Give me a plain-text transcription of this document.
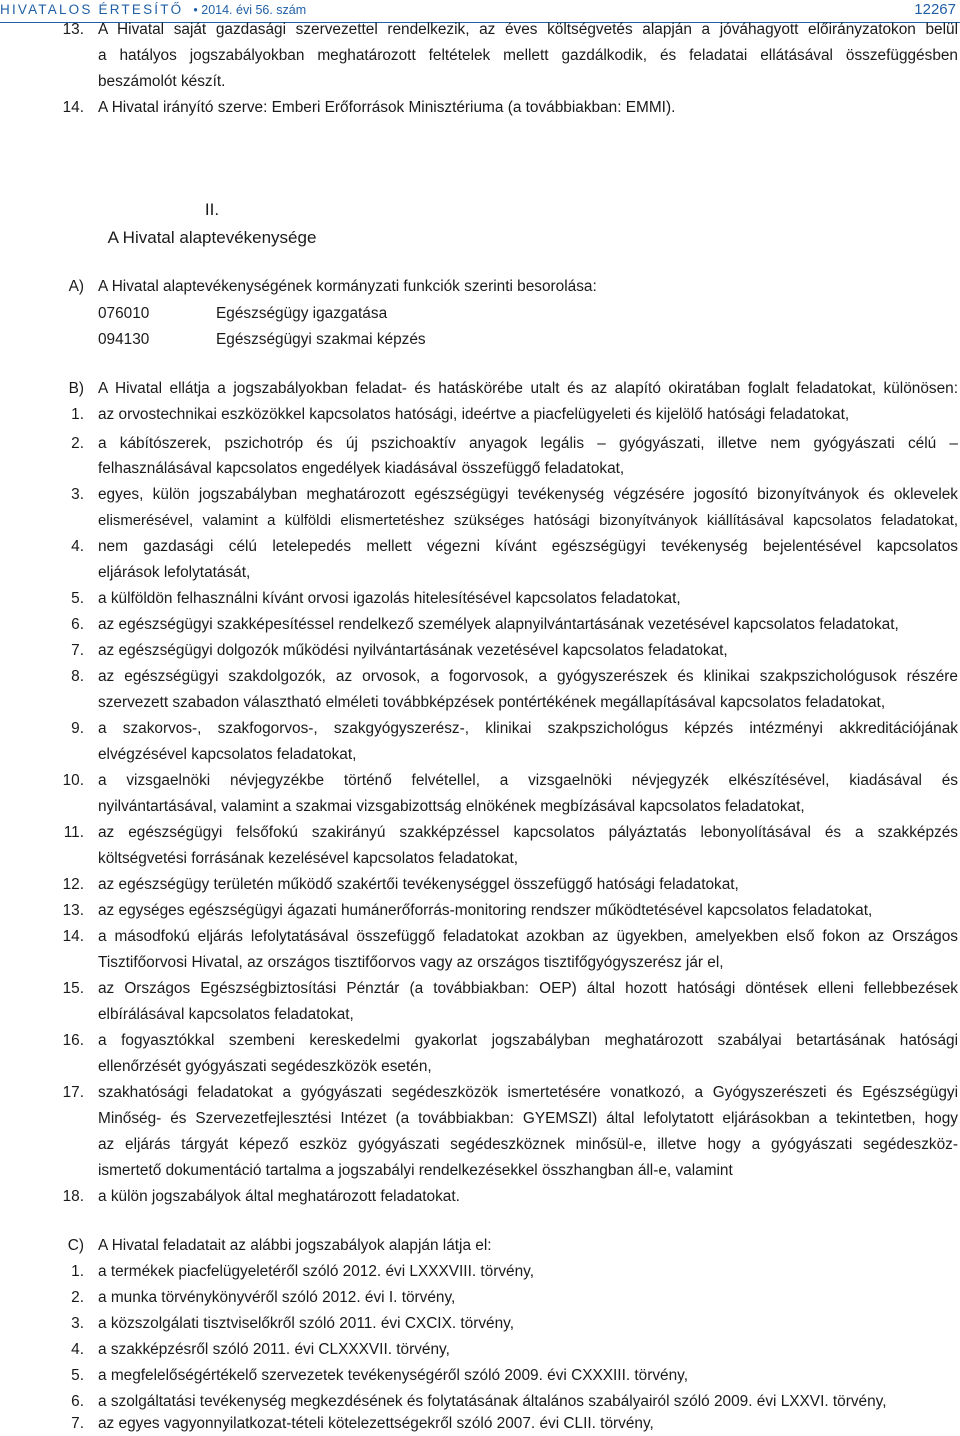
HIVATALOS ÉRTESÍTŐ • 2014. évi 56. szám	12267
13. A Hivatal saját gazdasági szervezettel rendelkezik, az éves költségvetés alapján a jóváhagyott előirányzatokon belül
a hatályos jogszabályokban meghatározott feltételek mellett gazdálkodik, és feladatai ellátásával összefüggésben
beszámolót készít.
14. A Hivatal irányító szerve: Emberi Erőforrások Minisztériuma (a továbbiakban: EMMI).
II.
A Hivatal alaptevékenysége
A) A Hivatal alaptevékenységének kormányzati funkciók szerinti besorolása:
076010	Egészségügy igazgatása
094130	Egészségügyi szakmai képzés
B) A Hivatal ellátja a jogszabályokban feladat- és hatáskörébe utalt és az alapító okiratában foglalt feladatokat, különösen:
1. az orvostechnikai eszközökkel kapcsolatos hatósági, ideértve a piacfelügyeleti és kijelölő hatósági feladatokat,
2. a kábítószerek, pszichotróp és új pszichoaktív anyagok legális – gyógyászati, illetve nem gyógyászati célú –
felhasználásával kapcsolatos engedélyek kiadásával összefüggő feladatokat,
3. egyes, külön jogszabályban meghatározott egészségügyi tevékenység végzésére jogosító bizonyítványok és oklevelek
elismerésével, valamint a külföldi elismertetéshez szükséges hatósági bizonyítványok kiállításával kapcsolatos feladatokat,
4. nem gazdasági célú letelepedés mellett végezni kívánt egészségügyi tevékenység bejelentésével kapcsolatos
eljárások lefolytatását,
5. a külföldön felhasználni kívánt orvosi igazolás hitelesítésével kapcsolatos feladatokat,
6. az egészségügyi szakképesítéssel rendelkező személyek alapnyilvántartásának vezetésével kapcsolatos feladatokat,
7. az egészségügyi dolgozók működési nyilvántartásának vezetésével kapcsolatos feladatokat,
8. az egészségügyi szakdolgozók, az orvosok, a fogorvosok, a gyógyszerészek és klinikai szakpszichológusok részére
szervezett szabadon választható elméleti továbbképzések pontértékének megállapításával kapcsolatos feladatokat,
9. a szakorvos-, szakfogorvos-, szakgyógyszerész-, klinikai szakpszichológus képzés intézményi akkreditációjának
elvégzésével kapcsolatos feladatokat,
10. a vizsgaelnöki névjegyzékbe történő felvétellel, a vizsgaelnöki névjegyzék elkészítésével, kiadásával és
nyilvántartásával, valamint a szakmai vizsgabizottság elnökének megbízásával kapcsolatos feladatokat,
11. az egészségügyi felsőfokú szakirányú szakképzéssel kapcsolatos pályáztatás lebonyolításával és a szakképzés
költségvetési forrásának kezelésével kapcsolatos feladatokat,
12. az egészségügy területén működő szakértői tevékenységgel összefüggő hatósági feladatokat,
13. az egységes egészségügyi ágazati humánerőforrás-monitoring rendszer működtetésével kapcsolatos feladatokat,
14. a másodfokú eljárás lefolytatásával összefüggő feladatokat azokban az ügyekben, amelyekben első fokon az Országos
Tisztifőorvosi Hivatal, az országos tisztifőorvos vagy az országos tisztifőgyógyszerész jár el,
15. az Országos Egészségbiztosítási Pénztár (a továbbiakban: OEP) által hozott hatósági döntések elleni fellebbezések
elbírálásával kapcsolatos feladatokat,
16. a fogyasztókkal szembeni kereskedelmi gyakorlat jogszabályban meghatározott szabályai betartásának hatósági
ellenőrzését gyógyászati segédeszközök esetén,
17. szakhatósági feladatokat a gyógyászati segédeszközök ismertetésére vonatkozó, a Gyógyszerészeti és Egészségügyi
Minőség- és Szervezetfejlesztési Intézet (a továbbiakban: GYEMSZI) által lefolytatott eljárásokban a tekintetben, hogy
az eljárás tárgyát képező eszköz gyógyászati segédeszköznek minősül-e, illetve hogy a gyógyászati segédeszköz-
ismertető dokumentáció tartalma a jogszabályi rendelkezésekkel összhangban áll-e, valamint
18. a külön jogszabályok által meghatározott feladatokat.
C) A Hivatal feladatait az alábbi jogszabályok alapján látja el:
1. a termékek piacfelügyeletéről szóló 2012. évi LXXXVIII. törvény,
2. a munka törvénykönyvéről szóló 2012. évi I. törvény,
3. a közszolgálati tisztviselőkről szóló 2011. évi CXCIX. törvény,
4. a szakképzésről szóló 2011. évi CLXXXVII. törvény,
5. a megfelelőségértékelő szervezetek tevékenységéről szóló 2009. évi CXXXIII. törvény,
6. a szolgáltatási tevékenység megkezdésének és folytatásának általános szabályairól szóló 2009. évi LXXVI. törvény,
7. az egyes vagyonnyilatkozat-tételi kötelezettségekről szóló 2007. évi CLII. törvény,
